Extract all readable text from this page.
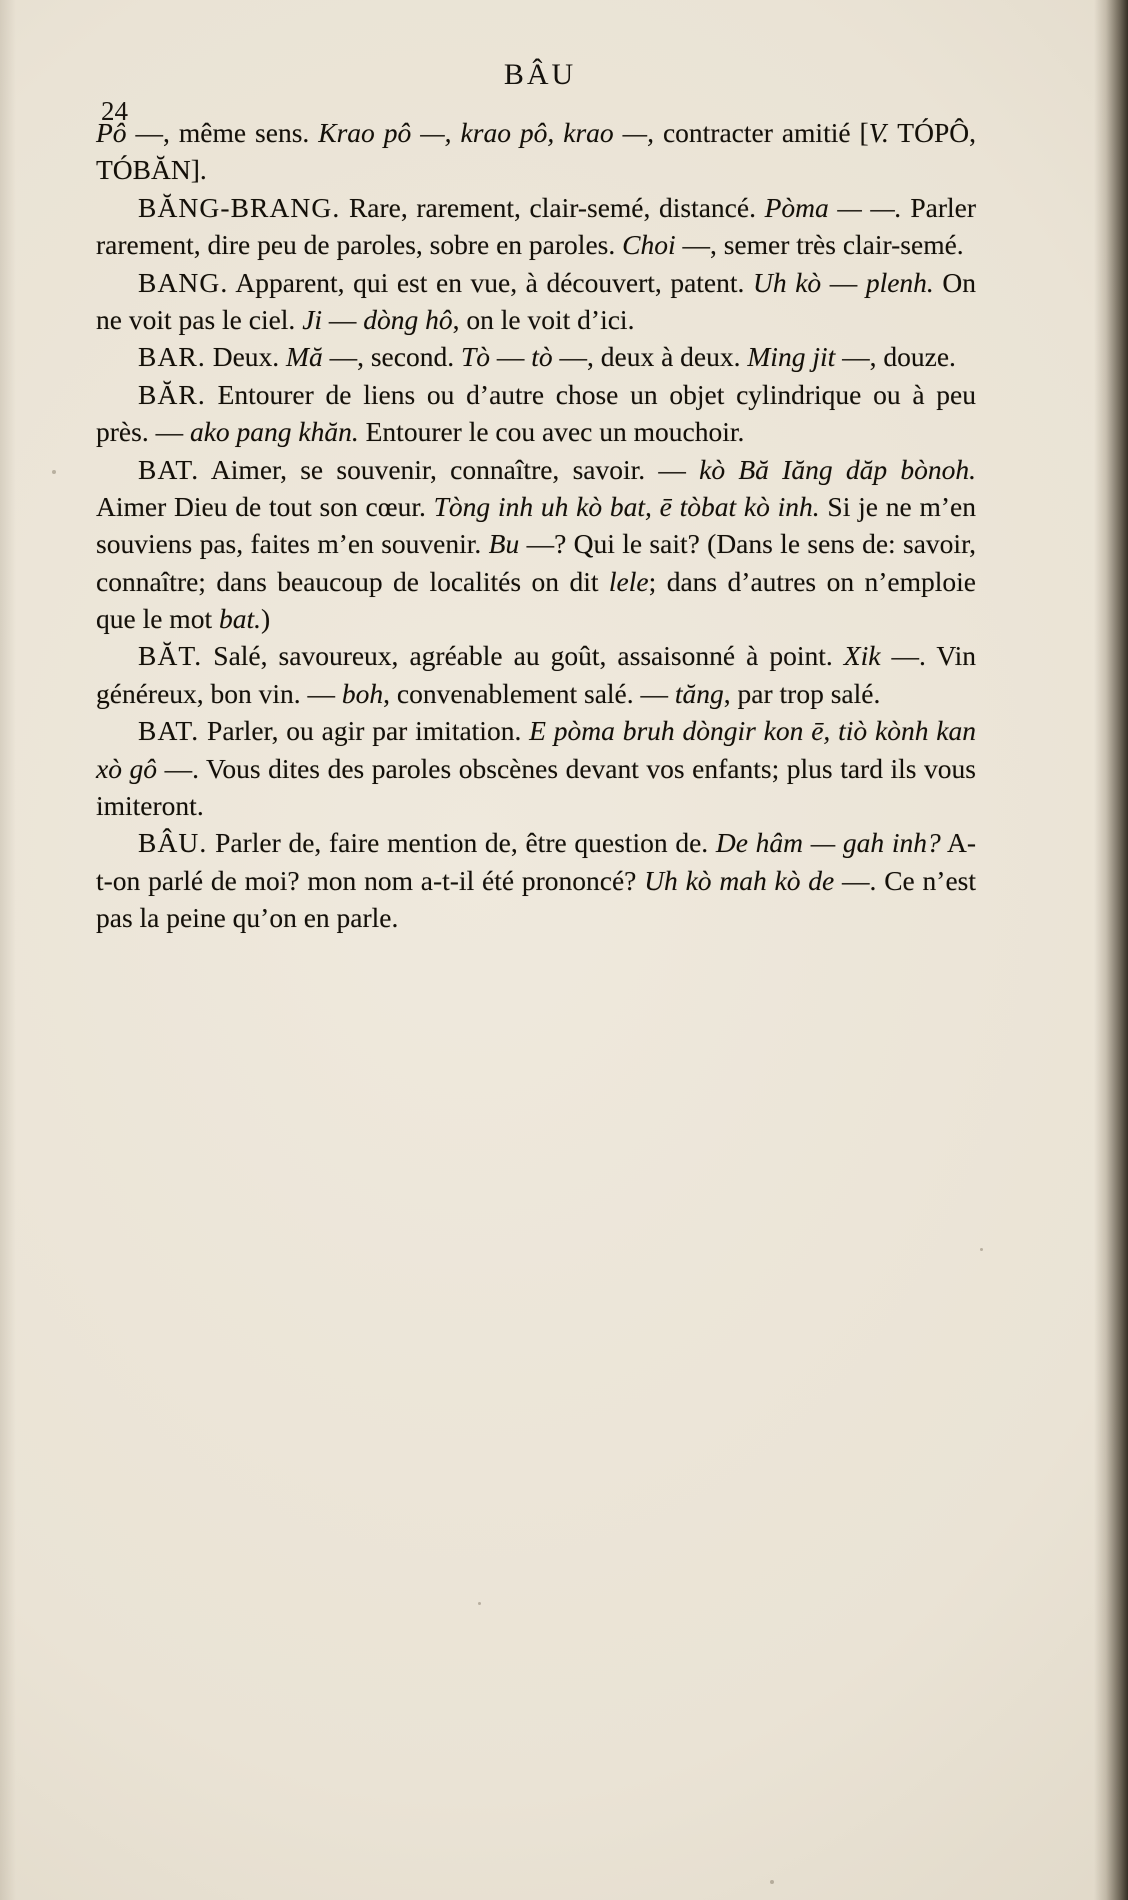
24
BÂU

Pô —, même sens. Krao pô —, krao pô, krao —, contracter amitié [V. TÓPÔ, TÓBĂN].

BĂNG-BRANG. Rare, rarement, clair-semé, distancé. Pòma — —. Parler rarement, dire peu de paroles, sobre en paroles. Choi —, semer très clair-semé.

BANG. Apparent, qui est en vue, à découvert, patent. Uh kò — plenh. On ne voit pas le ciel. Ji — dòng hô, on le voit d’ici.

BAR. Deux. Mă —, second. Tò — tò —, deux à deux. Ming jit —, douze.

BĂR. Entourer de liens ou d’autre chose un objet cylindrique ou à peu près. — ako pang khăn. Entourer le cou avec un mouchoir.

BAT. Aimer, se souvenir, connaître, savoir. — kò Bă Iăng dăp bònoh. Aimer Dieu de tout son cœur. Tòng inh uh kò bat, ē tòbat kò inh. Si je ne m’en souviens pas, faites m’en souvenir. Bu —? Qui le sait? (Dans le sens de: savoir, connaître; dans beaucoup de localités on dit lele; dans d’autres on n’emploie que le mot bat.)

BĂT. Salé, savoureux, agréable au goût, assaisonné à point. Xik —. Vin généreux, bon vin. — boh, convenablement salé. — tăng, par trop salé.

BAT. Parler, ou agir par imitation. E pòma bruh dòngir kon ē, tiò kònh kan xò gô —. Vous dites des paroles obscènes devant vos enfants; plus tard ils vous imiteront.

BÂU. Parler de, faire mention de, être question de. De hâm — gah inh? A-t-on parlé de moi? mon nom a-t-il été prononcé? Uh kò mah kò de —. Ce n’est pas la peine qu’on en parle.
